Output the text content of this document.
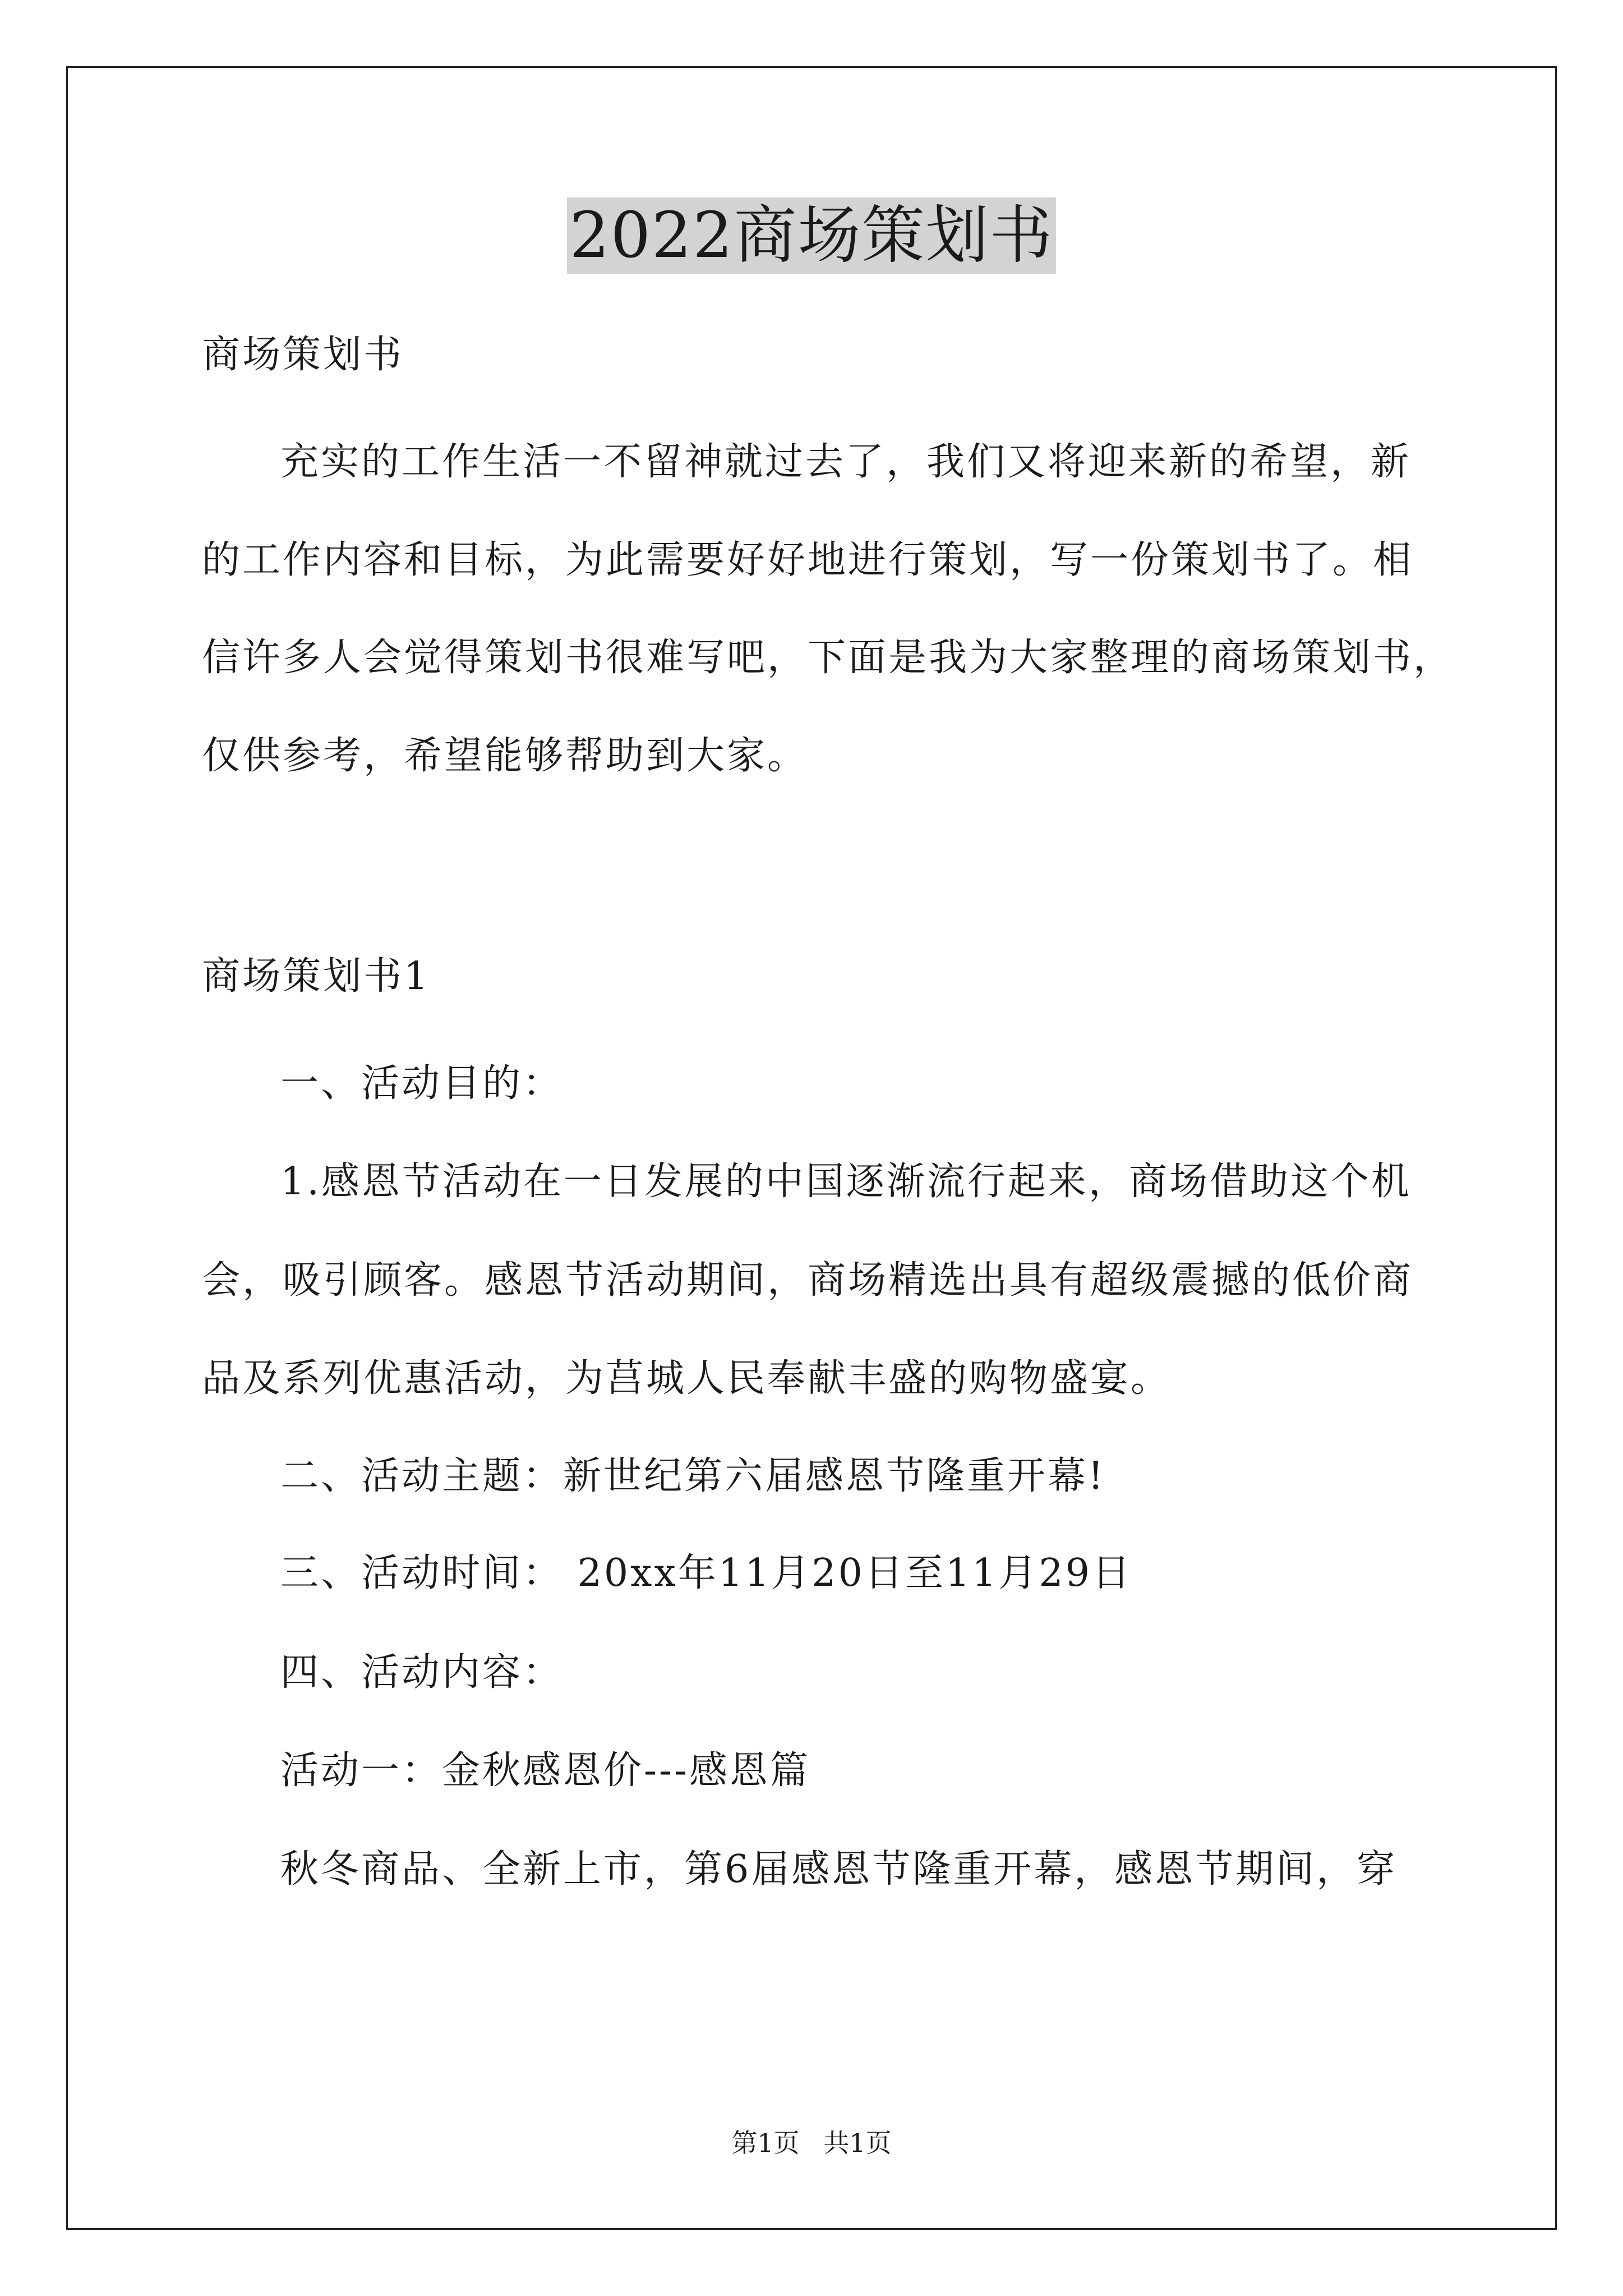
2022商场策划书
商场策划书
充实的工作生活一不留神就过去了，我们又将迎来新的希望，新
的工作内容和目标，为此需要好好地进行策划，写一份策划书了。相
信许多人会觉得策划书很难写吧，下面是我为大家整理的商场策划书，
仅供参考，希望能够帮助到大家。
商场策划书1
一、活动目的：
1.感恩节活动在一日发展的中国逐渐流行起来，商场借助这个机
会，吸引顾客。感恩节活动期间，商场精选出具有超级震撼的低价商
品及系列优惠活动，为莒城人民奉献丰盛的购物盛宴。
二、活动主题：新世纪第六届感恩节隆重开幕!
三、活动时间： 20xx年11月20日至11月29日
四、活动内容：
活动一：金秋感恩价---感恩篇
秋冬商品、全新上市，第6届感恩节隆重开幕，感恩节期间，穿
第1页 共1页
